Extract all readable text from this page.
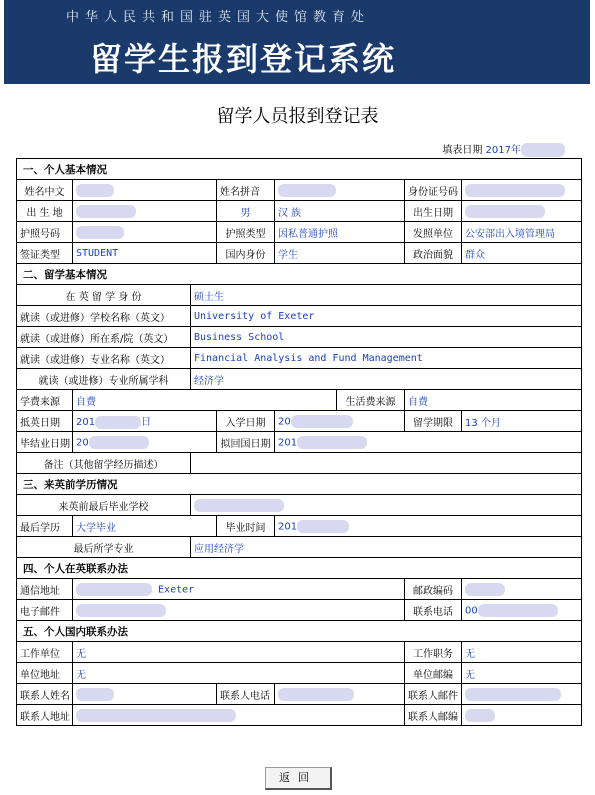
中华人民共和国驻英国大使馆教育处
留学生报到登记系统
留学人员报到登记表
填表日期 2017年
一、个人基本情况							
姓名中文			姓名拼音			身份证号码	
出 生 地			男	汉 族		出生日期	
护照号码			护照类型	因私普通护照		发照单位	公安部出入境管理局
签证类型	STUDENT		国内身份	学生		政治面貌	群众
二、留学基本情况							
在 英 留 学 身 份		硕士生					
就读（或进修）学校名称（英文）		University of Exeter					
就读（或进修）所在系/院（英文）		Business School					
就读（或进修）专业名称（英文）		Financial Analysis and Fund Management					
就读（或进修）专业所属学科		经济学					
学费来源	自费				生活费来源	自费	
抵英日期	201 日		入学日期	20		留学期限	13 个月
毕结业日期	20		拟回国日期	201			
备注（其他留学经历描述）							
三、来英前学历情况							
来英前最后毕业学校							
最后学历	大学毕业		毕业时间	201			
最后所学专业		应用经济学					
四、个人在英联系办法							
通信地址	Exeter					邮政编码	
电子邮件						联系电话	00
五、个人国内联系办法							
工作单位	无					工作职务	无
单位地址	无					单位邮编	无
联系人姓名			联系人电话			联系人邮件	
联系人地址						联系人邮编	
返回
